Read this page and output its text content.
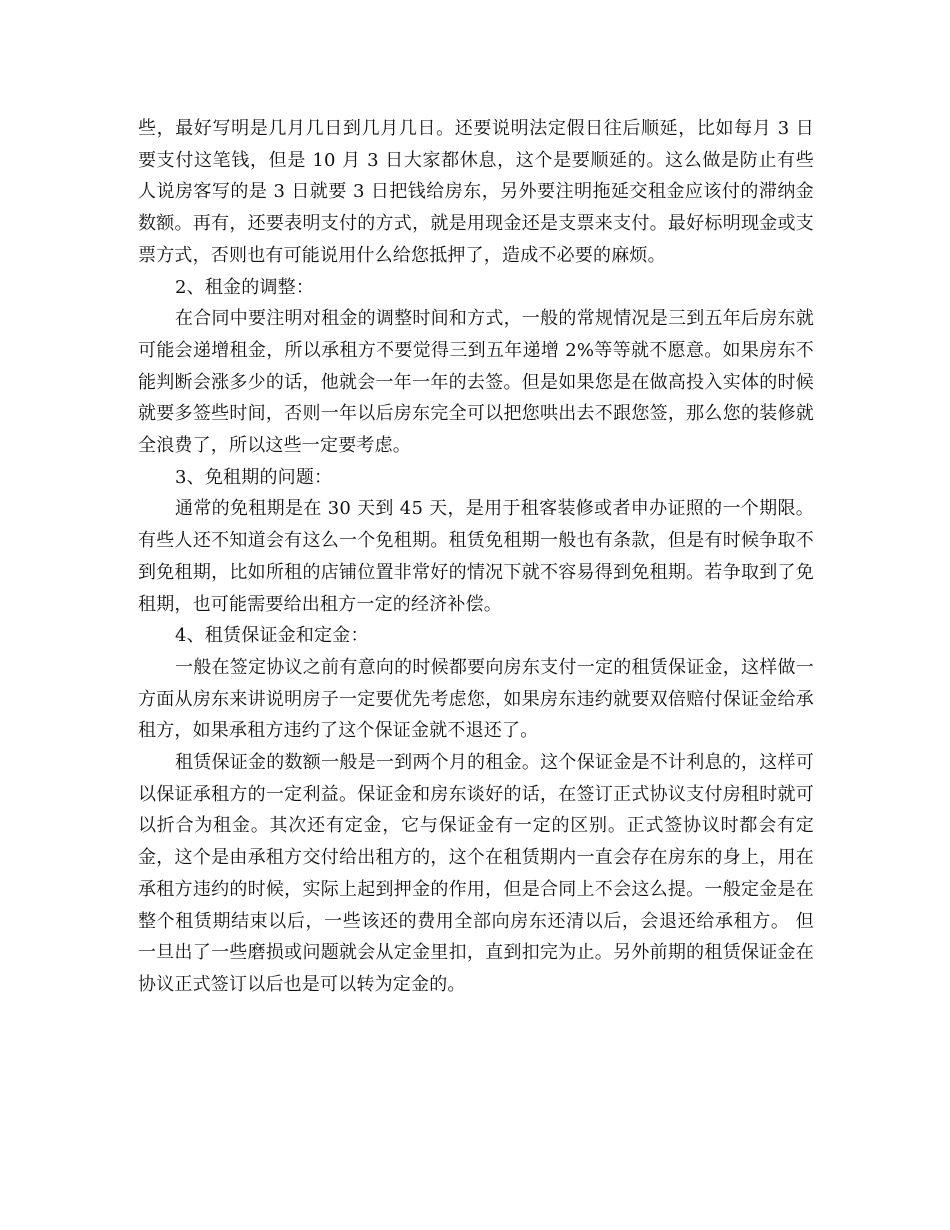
些，最好写明是几月几日到几月几日。还要说明法定假日往后顺延，比如每月 3 日要支付这笔钱，但是 10 月 3 日大家都休息，这个是要顺延的。这么做是防止有些人说房客写的是 3 日就要 3 日把钱给房东，另外要注明拖延交租金应该付的滞纳金数额。再有，还要表明支付的方式，就是用现金还是支票来支付。最好标明现金或支票方式，否则也有可能说用什么给您抵押了，造成不必要的麻烦。

2、租金的调整：

在合同中要注明对租金的调整时间和方式，一般的常规情况是三到五年后房东就可能会递增租金，所以承租方不要觉得三到五年递增 2%等等就不愿意。如果房东不能判断会涨多少的话，他就会一年一年的去签。但是如果您是在做高投入实体的时候就要多签些时间，否则一年以后房东完全可以把您哄出去不跟您签，那么您的装修就全浪费了，所以这些一定要考虑。

3、免租期的问题：

通常的免租期是在 30 天到 45 天，是用于租客装修或者申办证照的一个期限。有些人还不知道会有这么一个免租期。租赁免租期一般也有条款，但是有时候争取不到免租期，比如所租的店铺位置非常好的情况下就不容易得到免租期。若争取到了免租期，也可能需要给出租方一定的经济补偿。

4、租赁保证金和定金：

一般在签定协议之前有意向的时候都要向房东支付一定的租赁保证金，这样做一方面从房东来讲说明房子一定要优先考虑您，如果房东违约就要双倍赔付保证金给承租方，如果承租方违约了这个保证金就不退还了。

租赁保证金的数额一般是一到两个月的租金。这个保证金是不计利息的，这样可以保证承租方的一定利益。保证金和房东谈好的话，在签订正式协议支付房租时就可以折合为租金。其次还有定金，它与保证金有一定的区别。正式签协议时都会有定金，这个是由承租方交付给出租方的，这个在租赁期内一直会存在房东的身上，用在承租方违约的时候，实际上起到押金的作用，但是合同上不会这么提。一般定金是在整个租赁期结束以后，一些该还的费用全部向房东还清以后，会退还给承租方。 但一旦出了一些磨损或问题就会从定金里扣，直到扣完为止。另外前期的租赁保证金在协议正式签订以后也是可以转为定金的。
